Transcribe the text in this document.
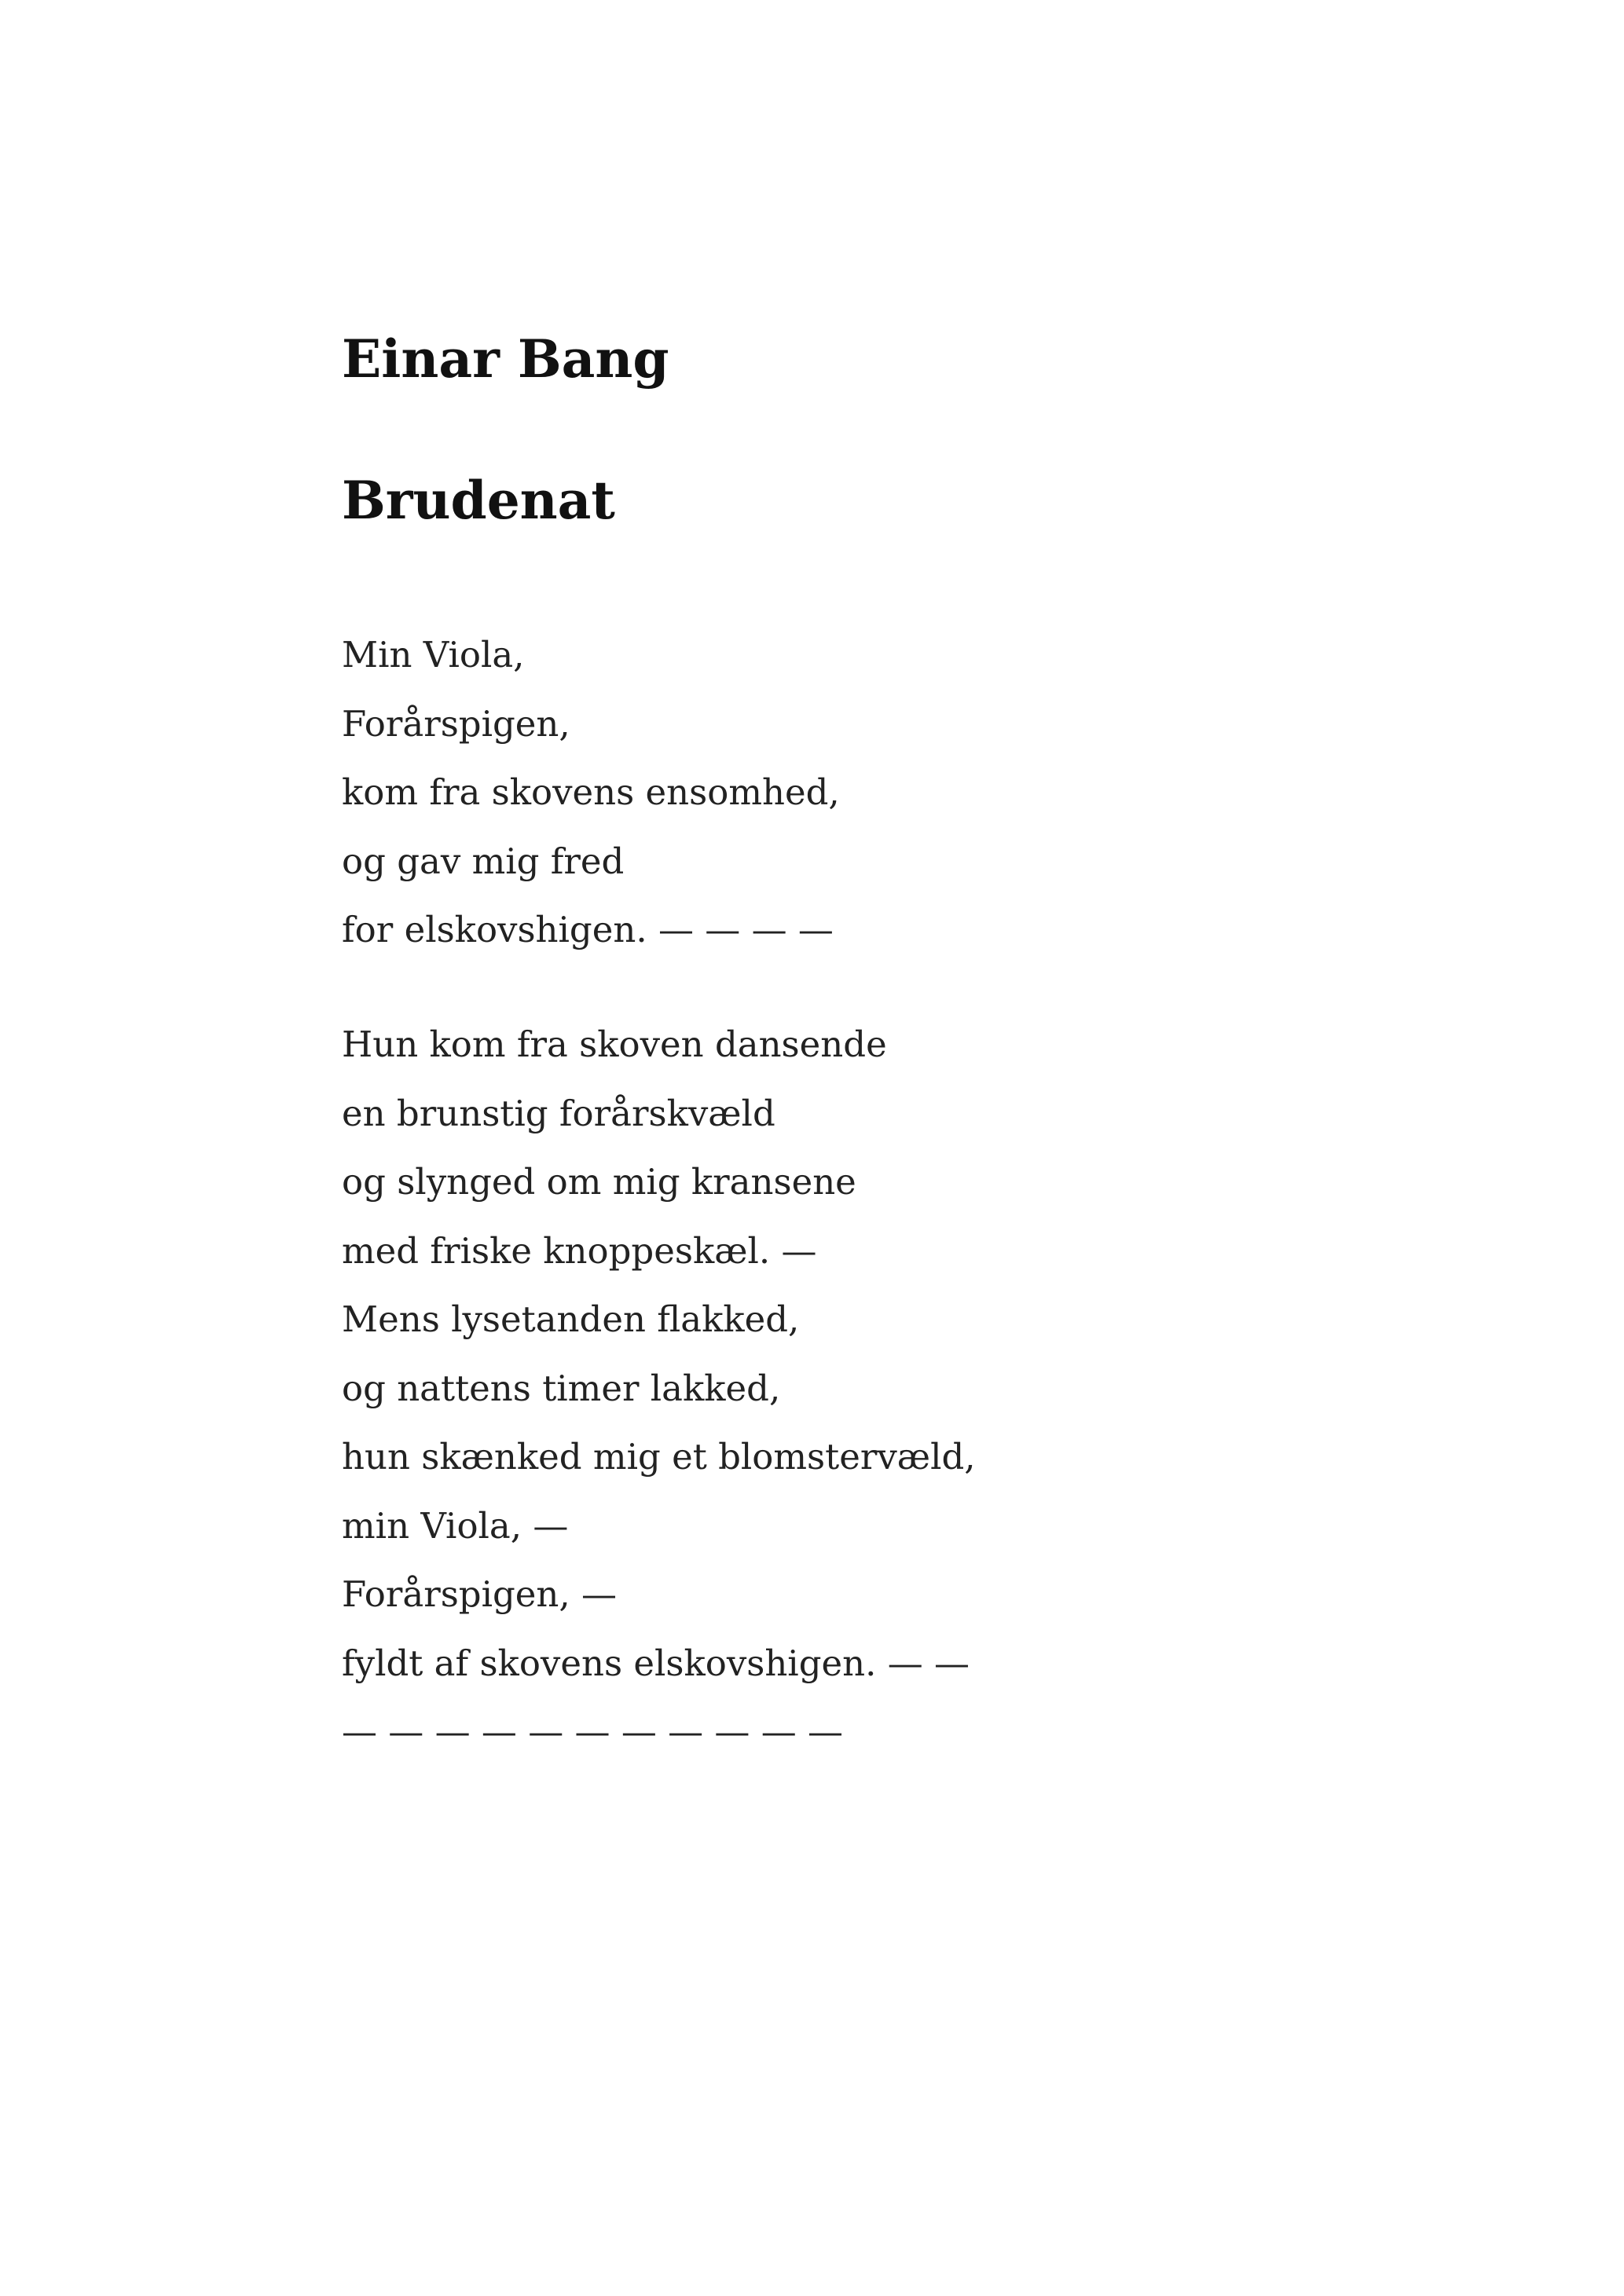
Einar Bang
Brudenat
Min Viola,
Forårspigen,
kom fra skovens ensomhed,
og gav mig fred
for elskovshigen. — — — —
Hun kom fra skoven dansende
en brunstig forårskvæld
og slynged om mig kransene
med friske knoppeskæl. —
Mens lysetanden flakked,
og nattens timer lakked,
hun skænked mig et blomstervæld,
min Viola, —
Forårspigen, —
fyldt af skovens elskovshigen. — —
— — — — — — — — — — —
